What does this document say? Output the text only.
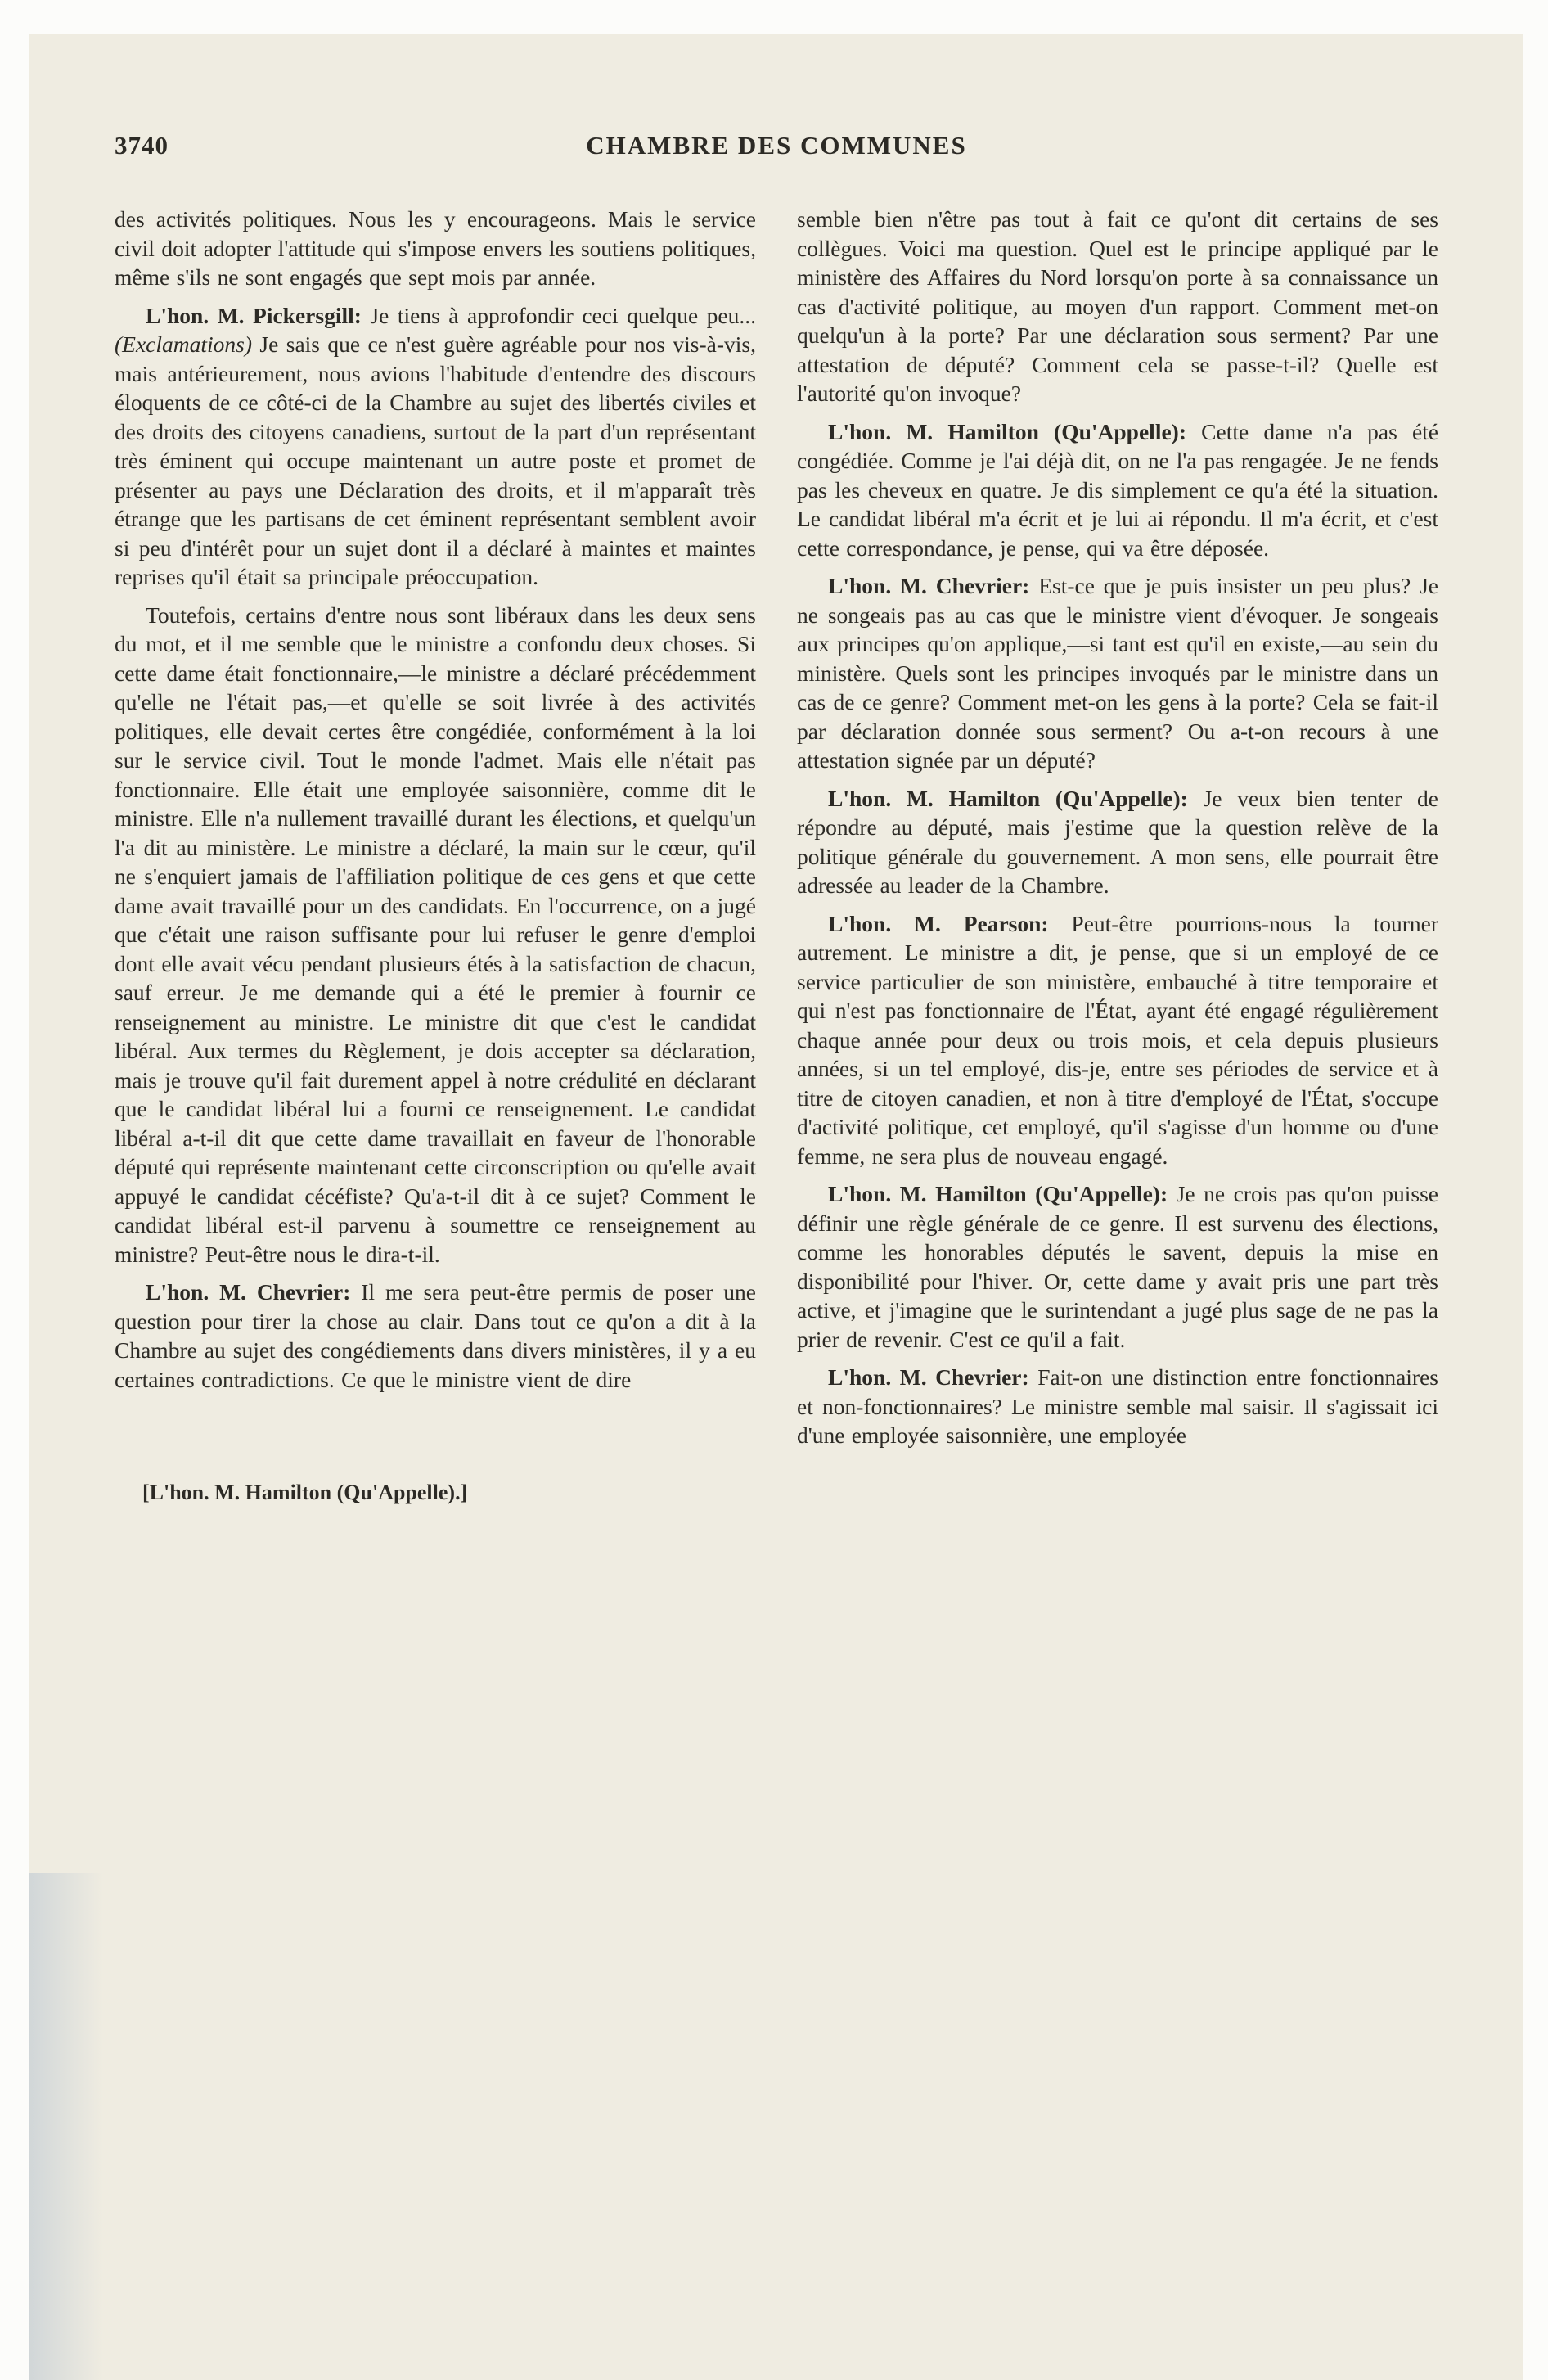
3740	CHAMBRE DES COMMUNES

des activités politiques. Nous les y encourageons. Mais le service civil doit adopter l'attitude qui s'impose envers les soutiens politiques, même s'ils ne sont engagés que sept mois par année.

L'hon. M. Pickersgill: Je tiens à approfondir ceci quelque peu... (Exclamations) Je sais que ce n'est guère agréable pour nos vis-à-vis, mais antérieurement, nous avions l'habitude d'entendre des discours éloquents de ce côté-ci de la Chambre au sujet des libertés civiles et des droits des citoyens canadiens, surtout de la part d'un représentant très éminent qui occupe maintenant un autre poste et promet de présenter au pays une Déclaration des droits, et il m'apparaît très étrange que les partisans de cet éminent représentant semblent avoir si peu d'intérêt pour un sujet dont il a déclaré à maintes et maintes reprises qu'il était sa principale préoccupation.

Toutefois, certains d'entre nous sont libéraux dans les deux sens du mot, et il me semble que le ministre a confondu deux choses. Si cette dame était fonctionnaire,—le ministre a déclaré précédemment qu'elle ne l'était pas,—et qu'elle se soit livrée à des activités politiques, elle devait certes être congédiée, conformément à la loi sur le service civil. Tout le monde l'admet. Mais elle n'était pas fonctionnaire. Elle était une employée saisonnière, comme dit le ministre. Elle n'a nullement travaillé durant les élections, et quelqu'un l'a dit au ministère. Le ministre a déclaré, la main sur le cœur, qu'il ne s'enquiert jamais de l'affiliation politique de ces gens et que cette dame avait travaillé pour un des candidats. En l'occurrence, on a jugé que c'était une raison suffisante pour lui refuser le genre d'emploi dont elle avait vécu pendant plusieurs étés à la satisfaction de chacun, sauf erreur. Je me demande qui a été le premier à fournir ce renseignement au ministre. Le ministre dit que c'est le candidat libéral. Aux termes du Règlement, je dois accepter sa déclaration, mais je trouve qu'il fait durement appel à notre crédulité en déclarant que le candidat libéral lui a fourni ce renseignement. Le candidat libéral a-t-il dit que cette dame travaillait en faveur de l'honorable député qui représente maintenant cette circonscription ou qu'elle avait appuyé le candidat cécéfiste? Qu'a-t-il dit à ce sujet? Comment le candidat libéral est-il parvenu à soumettre ce renseignement au ministre? Peut-être nous le dira-t-il.

L'hon. M. Chevrier: Il me sera peut-être permis de poser une question pour tirer la chose au clair. Dans tout ce qu'on a dit à la Chambre au sujet des congédiements dans divers ministères, il y a eu certaines contradictions. Ce que le ministre vient de dire

semble bien n'être pas tout à fait ce qu'ont dit certains de ses collègues. Voici ma question. Quel est le principe appliqué par le ministère des Affaires du Nord lorsqu'on porte à sa connaissance un cas d'activité politique, au moyen d'un rapport. Comment met-on quelqu'un à la porte? Par une déclaration sous serment? Par une attestation de député? Comment cela se passe-t-il? Quelle est l'autorité qu'on invoque?

L'hon. M. Hamilton (Qu'Appelle): Cette dame n'a pas été congédiée. Comme je l'ai déjà dit, on ne l'a pas rengagée. Je ne fends pas les cheveux en quatre. Je dis simplement ce qu'a été la situation. Le candidat libéral m'a écrit et je lui ai répondu. Il m'a écrit, et c'est cette correspondance, je pense, qui va être déposée.

L'hon. M. Chevrier: Est-ce que je puis insister un peu plus? Je ne songeais pas au cas que le ministre vient d'évoquer. Je songeais aux principes qu'on applique,—si tant est qu'il en existe,—au sein du ministère. Quels sont les principes invoqués par le ministre dans un cas de ce genre? Comment met-on les gens à la porte? Cela se fait-il par déclaration donnée sous serment? Ou a-t-on recours à une attestation signée par un député?

L'hon. M. Hamilton (Qu'Appelle): Je veux bien tenter de répondre au député, mais j'estime que la question relève de la politique générale du gouvernement. A mon sens, elle pourrait être adressée au leader de la Chambre.

L'hon. M. Pearson: Peut-être pourrions-nous la tourner autrement. Le ministre a dit, je pense, que si un employé de ce service particulier de son ministère, embauché à titre temporaire et qui n'est pas fonctionnaire de l'État, ayant été engagé régulièrement chaque année pour deux ou trois mois, et cela depuis plusieurs années, si un tel employé, dis-je, entre ses périodes de service et à titre de citoyen canadien, et non à titre d'employé de l'État, s'occupe d'activité politique, cet employé, qu'il s'agisse d'un homme ou d'une femme, ne sera plus de nouveau engagé.

L'hon. M. Hamilton (Qu'Appelle): Je ne crois pas qu'on puisse définir une règle générale de ce genre. Il est survenu des élections, comme les honorables députés le savent, depuis la mise en disponibilité pour l'hiver. Or, cette dame y avait pris une part très active, et j'imagine que le surintendant a jugé plus sage de ne pas la prier de revenir. C'est ce qu'il a fait.

L'hon. M. Chevrier: Fait-on une distinction entre fonctionnaires et non-fonctionnaires? Le ministre semble mal saisir. Il s'agissait ici d'une employée saisonnière, une employée

[L'hon. M. Hamilton (Qu'Appelle).]
